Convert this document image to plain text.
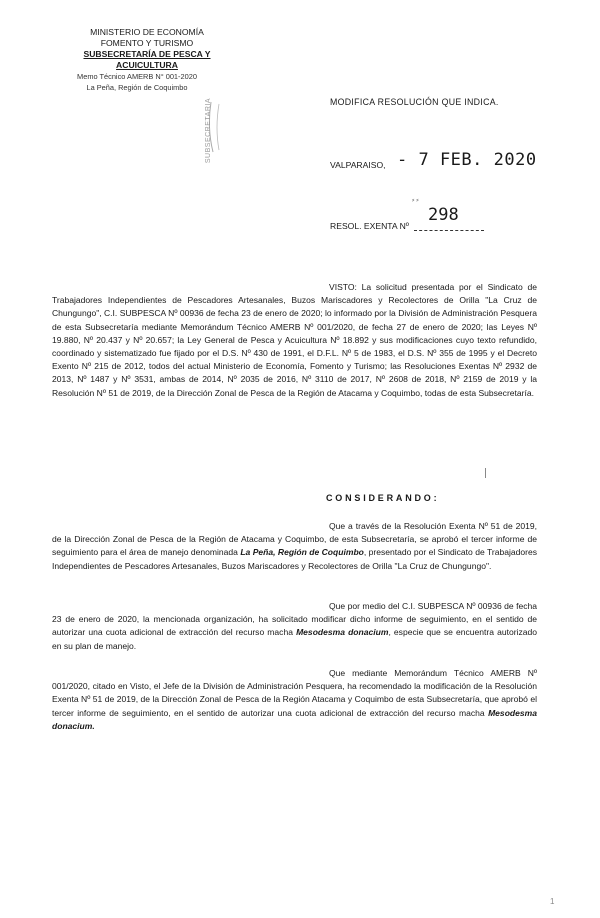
MINISTERIO DE ECONOMÍA
FOMENTO Y TURISMO
SUBSECRETARÍA DE PESCA Y ACUICULTURA
Memo Técnico AMERB N° 001-2020
La Peña, Región de Coquimbo
SUBSECRETARIA	MODIFICA RESOLUCIÓN QUE INDICA.
VALPARAISO, - 7 FEB. 2020
⸗ ⸗
RESOL. EXENTA Nº
298
VISTO: La solicitud presentada por el Sindicato de Trabajadores Independientes de Pescadores Artesanales, Buzos Mariscadores y Recolectores de Orilla "La Cruz de Chungungo", C.I. SUBPESCA Nº 00936 de fecha 23 de enero de 2020; lo informado por la División de Administración Pesquera de esta Subsecretaría mediante Memorándum Técnico AMERB Nº 001/2020, de fecha 27 de enero de 2020; las Leyes Nº 19.880, Nº 20.437 y Nº 20.657; la Ley General de Pesca y Acuicultura Nº 18.892 y sus modificaciones cuyo texto refundido, coordinado y sistematizado fue fijado por el D.S. Nº 430 de 1991, el D.F.L. Nº 5 de 1983, el D.S. Nº 355 de 1995 y el Decreto Exento Nº 215 de 2012, todos del actual Ministerio de Economía, Fomento y Turismo; las Resoluciones Exentas Nº 2932 de 2013, Nº 1487 y Nº 3531, ambas de 2014, Nº 2035 de 2016, Nº 3110 de 2017, Nº 2608 de 2018, Nº 2159 de 2019 y la Resolución Nº 51 de 2019, de la Dirección Zonal de Pesca de la Región de Atacama y Coquimbo, todas de esta Subsecretaría.
CONSIDERANDO:
Que a través de la Resolución Exenta Nº 51 de 2019, de la Dirección Zonal de Pesca de la Región de Atacama y Coquimbo, de esta Subsecretaría, se aprobó el tercer informe de seguimiento para el área de manejo denominada La Peña, Región de Coquimbo, presentado por el Sindicato de Trabajadores Independientes de Pescadores Artesanales, Buzos Mariscadores y Recolectores de Orilla "La Cruz de Chungungo".
Que por medio del C.I. SUBPESCA Nº 00936 de fecha 23 de enero de 2020, la mencionada organización, ha solicitado modificar dicho informe de seguimiento, en el sentido de autorizar una cuota adicional de extracción del recurso macha Mesodesma donacium, especie que se encuentra autorizado en su plan de manejo.
Que mediante Memorándum Técnico AMERB Nº 001/2020, citado en Visto, el Jefe de la División de Administración Pesquera, ha recomendado la modificación de la Resolución Exenta Nº 51 de 2019, de la Dirección Zonal de Pesca de la Región Atacama y Coquimbo de esta Subsecretaría, que aprobó el tercer informe de seguimiento, en el sentido de autorizar una cuota adicional de extracción del recurso macha Mesodesma donacium.
1
